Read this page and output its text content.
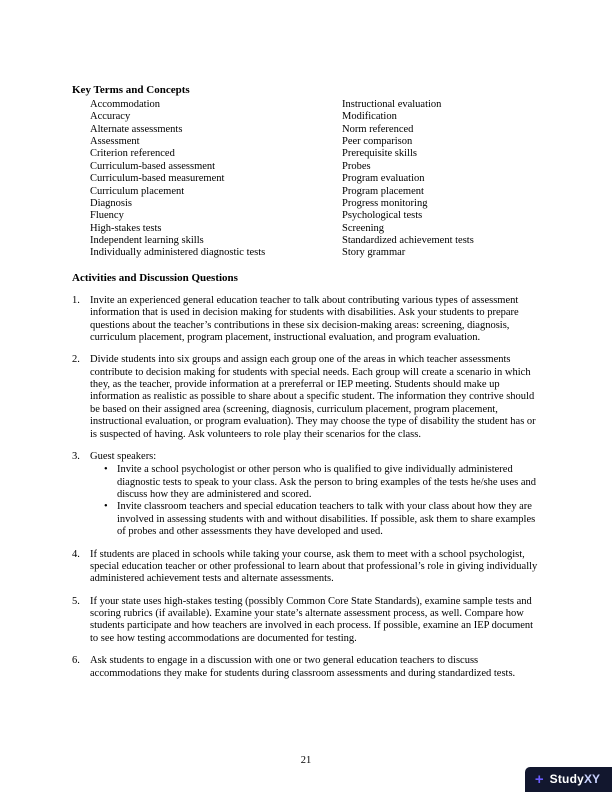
Key Terms and Concepts
Accommodation
Accuracy
Alternate assessments
Assessment
Criterion referenced
Curriculum-based assessment
Curriculum-based measurement
Curriculum placement
Diagnosis
Fluency
High-stakes tests
Independent learning skills
Individually administered diagnostic tests
Instructional evaluation
Modification
Norm referenced
Peer comparison
Prerequisite skills
Probes
Program evaluation
Program placement
Progress monitoring
Psychological tests
Screening
Standardized achievement tests
Story grammar
Activities and Discussion Questions
1. Invite an experienced general education teacher to talk about contributing various types of assessment information that is used in decision making for students with disabilities. Ask your students to prepare questions about the teacher’s contributions in these six decision-making areas: screening, diagnosis, curriculum placement, program placement, instructional evaluation, and program evaluation.
2. Divide students into six groups and assign each group one of the areas in which teacher assessments contribute to decision making for students with special needs. Each group will create a scenario in which they, as the teacher, provide information at a prereferral or IEP meeting. Students should make up information as realistic as possible to share about a specific student. The information they contrive should be based on their assigned area (screening, diagnosis, curriculum placement, program placement, instructional evaluation, or program evaluation). They may choose the type of disability the student has or is suspected of having. Ask volunteers to role play their scenarios for the class.
3. Guest speakers:
• Invite a school psychologist or other person who is qualified to give individually administered diagnostic tests to speak to your class. Ask the person to bring examples of the tests he/she uses and discuss how they are administered and scored.
• Invite classroom teachers and special education teachers to talk with your class about how they are involved in assessing students with and without disabilities. If possible, ask them to share examples of probes and other assessments they have developed and used.
4. If students are placed in schools while taking your course, ask them to meet with a school psychologist, special education teacher or other professional to learn about that professional’s role in giving individually administered achievement tests and alternate assessments.
5. If your state uses high-stakes testing (possibly Common Core State Standards), examine sample tests and scoring rubrics (if available). Examine your state’s alternate assessment process, as well. Compare how students participate and how teachers are involved in each process. If possible, examine an IEP document to see how testing accommodations are documented for testing.
6. Ask students to engage in a discussion with one or two general education teachers to discuss accommodations they make for students during classroom assessments and during standardized tests.
21
+ StudyXY
